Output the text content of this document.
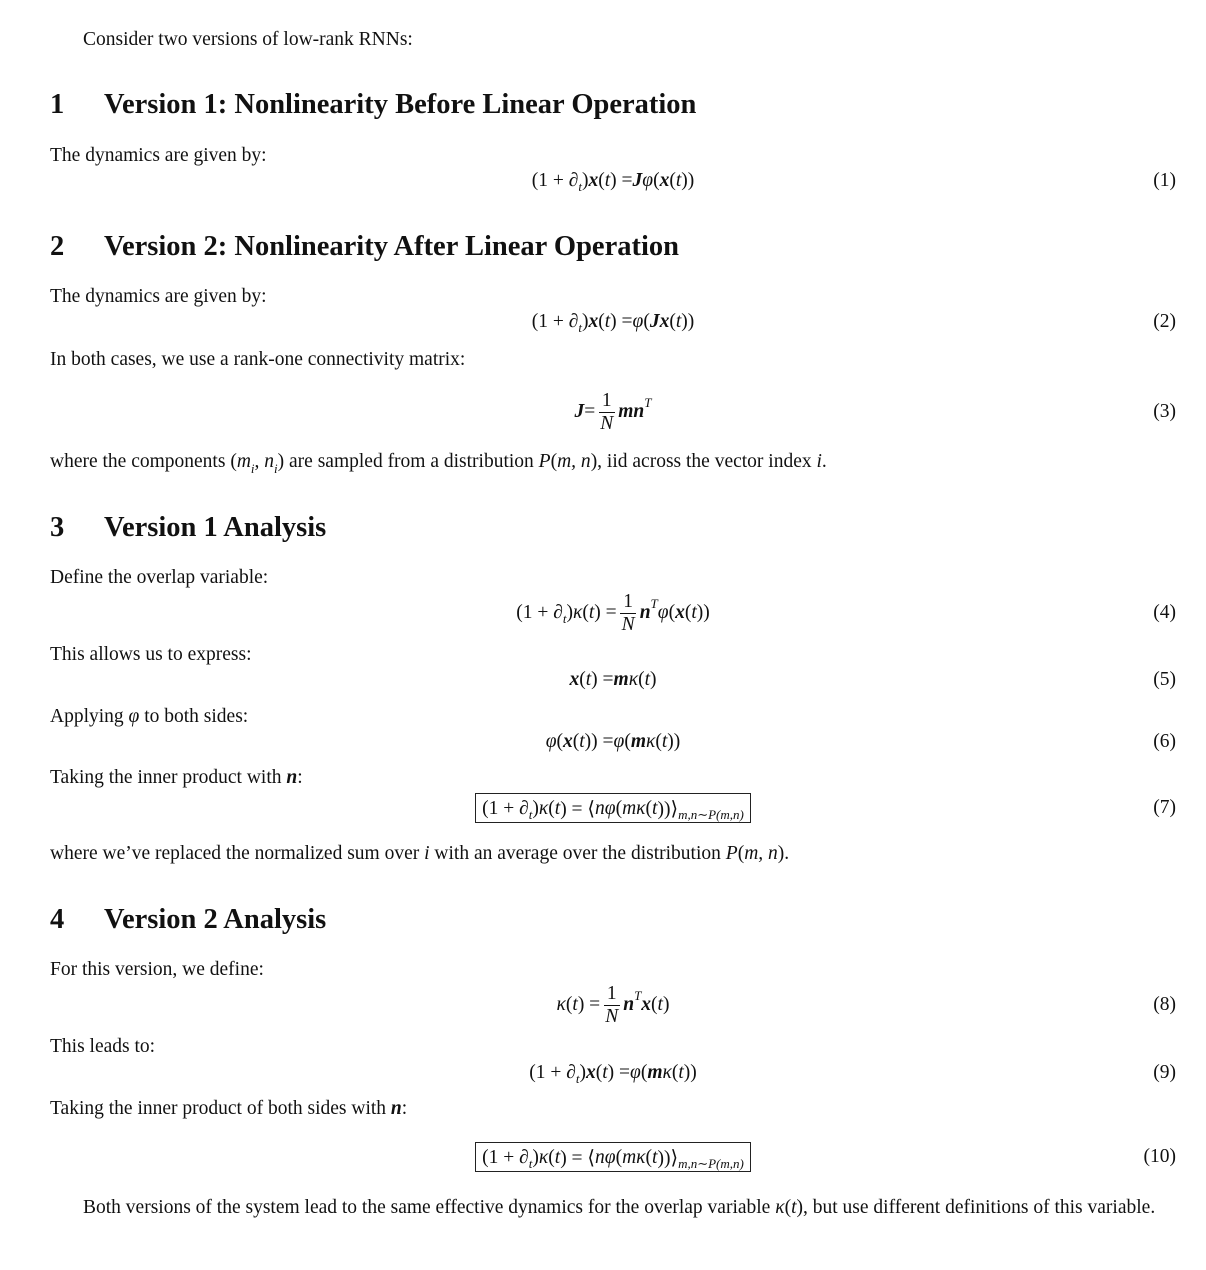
Consider two versions of low-rank RNNs:
1 Version 1: Nonlinearity Before Linear Operation
The dynamics are given by:
(1 + ∂ t ) x ( t ) = J φ ( x ( t ))	(1)
2 Version 2: Nonlinearity After Linear Operation
The dynamics are given by:
(1 + ∂ t ) x ( t ) = φ ( J x ( t ))	(2)
In both cases, we use a rank-one connectivity matrix:
$J = \frac{1}{N}$ mn T	(3)
where the components ($m_i$, $n_i$) are sampled from a distribution P(m, n), iid across the vector index i.
3 Version 1 Analysis
Define the overlap variable:
(1 + ∂ t ) κ ( t ) = $\frac{1}{N}$ n T φ ( x ( t ))	(4)
This allows us to express:
x ( t ) = m κ ( t )	(5)
Applying φ to both sides:
φ ( x ( t )) = φ ( m κ ( t ))	(6)
Taking the inner product with n:
(1 + ∂ t ) κ ( t ) = ⟨ nφ ( mκ ( t ))⟩ m,n∼P(m,n)	(7)
where we’ve replaced the normalized sum over i with an average over the distribution P(m, n).
4 Version 2 Analysis
For this version, we define:
κ ( t ) = $\frac{1}{N}$ n T x ( t )	(8)
This leads to:
(1 + ∂ t ) x ( t ) = φ ( m κ ( t ))	(9)
Taking the inner product of both sides with n:
(1 + ∂ t ) κ ( t ) = ⟨ nφ ( mκ ( t ))⟩ m,n∼P(m,n)	(10)
Both versions of the system lead to the same effective dynamics for the overlap variable κ(t), but use different definitions of this variable.
